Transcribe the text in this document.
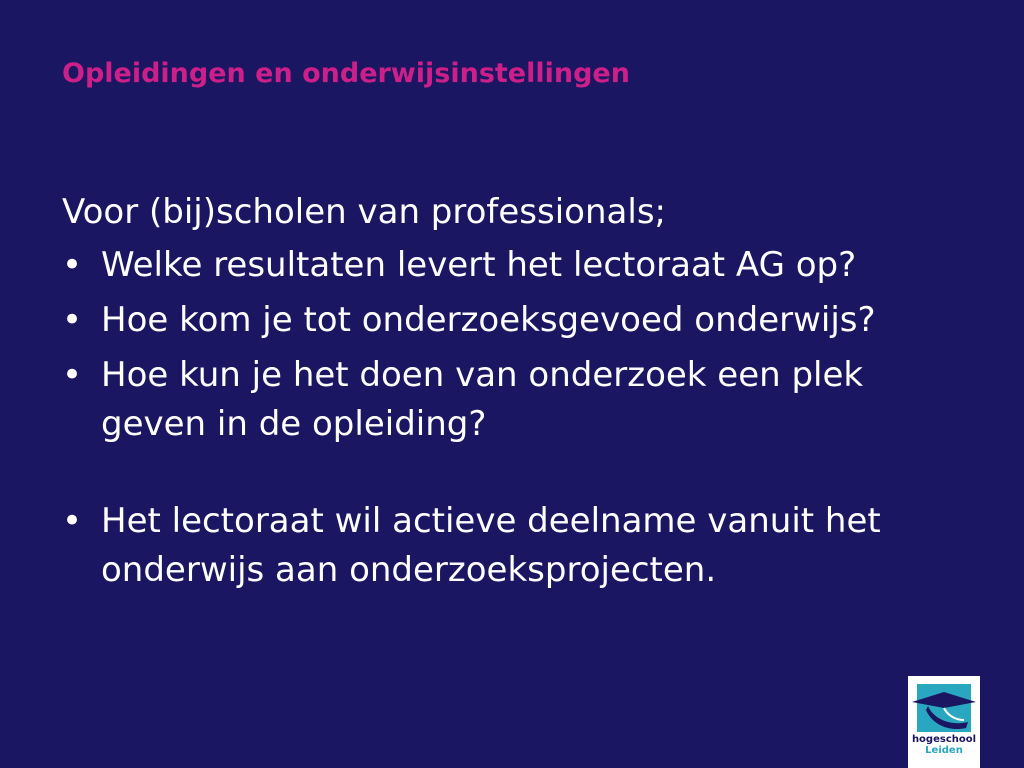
Opleidingen en onderwijsinstellingen

Voor (bij)scholen van professionals;

• Welke resultaten levert het lectoraat AG op?
• Hoe kom je tot onderzoeksgevoed onderwijs?
• Hoe kun je het doen van onderzoek een plek geven in de opleiding?
• Het lectoraat wil actieve deelname vanuit het onderwijs aan onderzoeksprojecten.
hogeschool
Leiden
